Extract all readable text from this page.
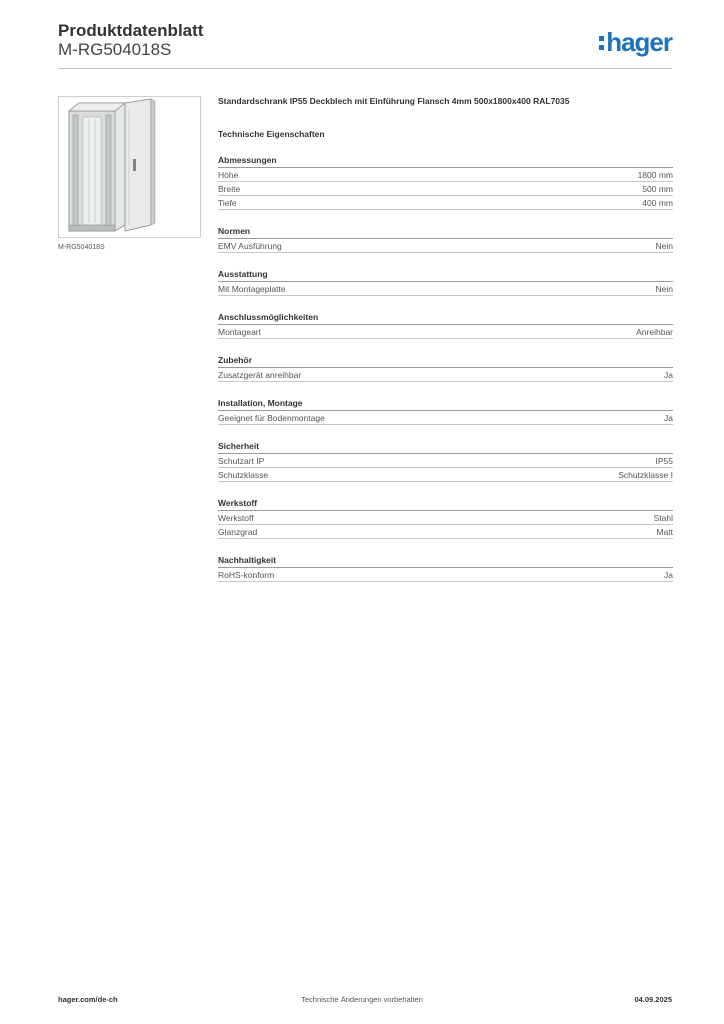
Produktdatenblatt
M-RG504018S	hager
M-RG504018S

Standardschrank IP55 Deckblech mit Einführung Flansch 4mm 500x1800x400 RAL7035

Technische Eigenschaften
Abmessungen
Höhe	1800 mm
Breite	500 mm
Tiefe	400 mm
Normen
EMV Ausführung	Nein
Ausstattung
Mit Montageplatte	Nein
Anschlussmöglichkeiten
Montageart	Anreihbar
Zubehör
Zusatzgerät anreihbar	Ja
Installation, Montage
Geeignet für Bodenmontage	Ja
Sicherheit
Schutzart IP	IP55
Schutzklasse	Schutzklasse I
Werkstoff
Werkstoff	Stahl
Glanzgrad	Matt
Nachhaltigkeit
RoHS-konform	Ja
hager.com/de-ch	Technische Änderungen vorbehalten	04.09.2025
